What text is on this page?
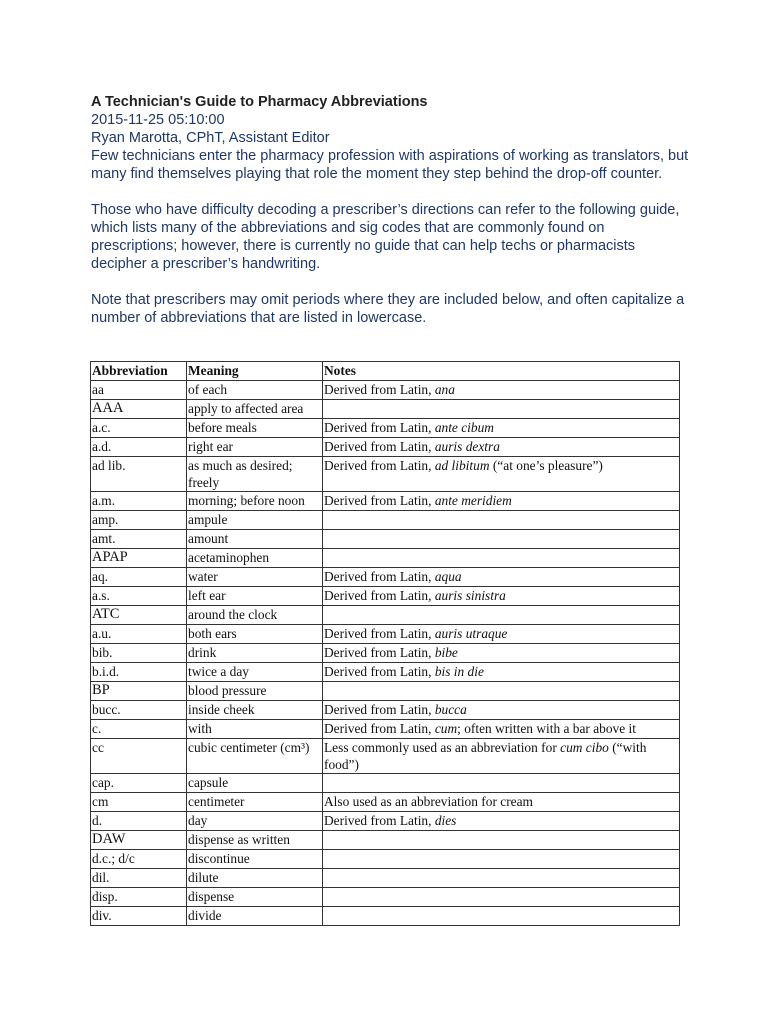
A Technician's Guide to Pharmacy Abbreviations

2015-11-25 05:10:00

Ryan Marotta, CPhT, Assistant Editor

Few technicians enter the pharmacy profession with aspirations of working as translators, but many find themselves playing that role the moment they step behind the drop-off counter.

Those who have difficulty decoding a prescriber’s directions can refer to the following guide, which lists many of the abbreviations and sig codes that are commonly found on prescriptions; however, there is currently no guide that can help techs or pharmacists decipher a prescriber’s handwriting.

Note that prescribers may omit periods where they are included below, and often capitalize a number of abbreviations that are listed in lowercase.

Abbreviation	Meaning	Notes
aa	of each	Derived from Latin, ana
AAA	apply to affected area	
a.c.	before meals	Derived from Latin, ante cibum
a.d.	right ear	Derived from Latin, auris dextra
ad lib.	as much as desired; freely	Derived from Latin, ad libitum (“at one’s pleasure”)
a.m.	morning; before noon	Derived from Latin, ante meridiem
amp.	ampule	
amt.	amount	
APAP	acetaminophen	
aq.	water	Derived from Latin, aqua
a.s.	left ear	Derived from Latin, auris sinistra
ATC	around the clock	
a.u.	both ears	Derived from Latin, auris utraque
bib.	drink	Derived from Latin, bibe
b.i.d.	twice a day	Derived from Latin, bis in die
BP	blood pressure	
bucc.	inside cheek	Derived from Latin, bucca
c.	with	Derived from Latin, cum; often written with a bar above it
cc	cubic centimeter (cm³)	Less commonly used as an abbreviation for cum cibo (“with food”)
cap.	capsule	
cm	centimeter	Also used as an abbreviation for cream
d.	day	Derived from Latin, dies
DAW	dispense as written	
d.c.; d/c	discontinue	
dil.	dilute	
disp.	dispense	
div.	divide	
